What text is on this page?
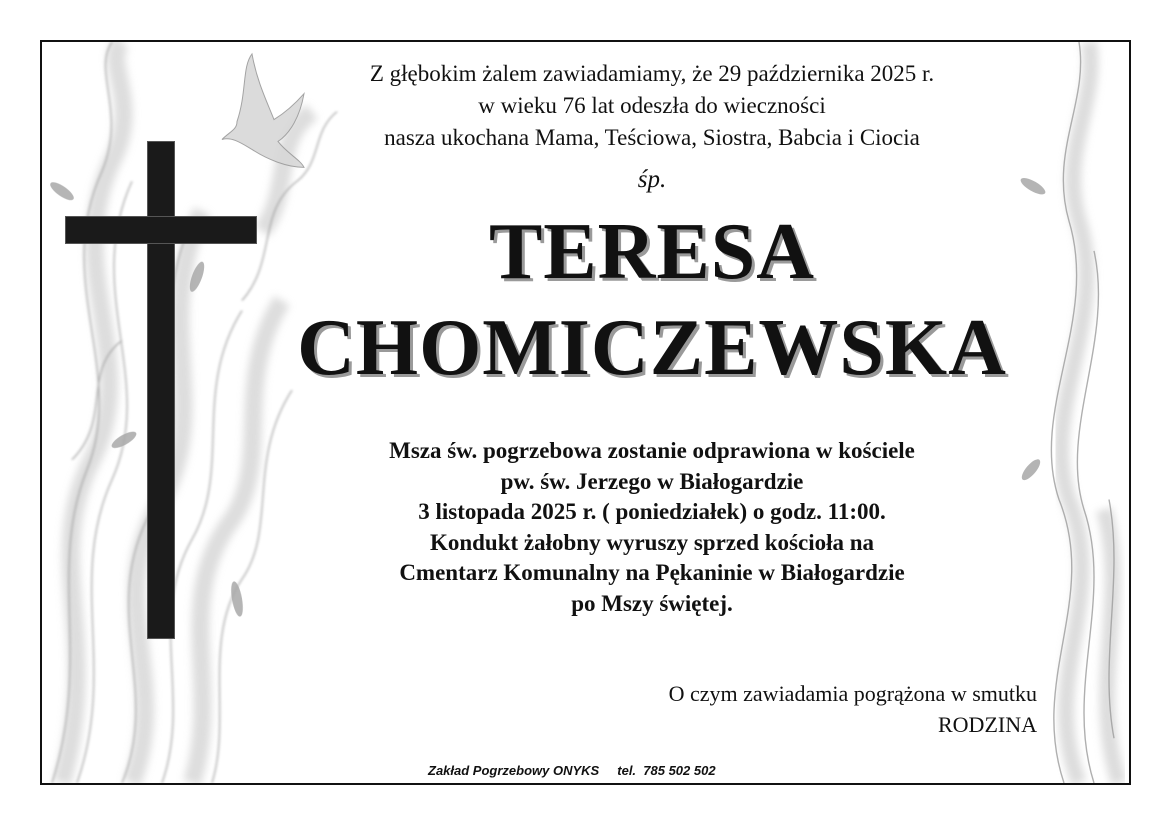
Z głębokim żalem zawiadamiamy, że 29 października 2025 r.
w wieku 76 lat odeszła do wieczności
nasza ukochana Mama, Teściowa, Siostra, Babcia i Ciocia
śp.
TERESA
CHOMICZEWSKA
Msza św. pogrzebowa zostanie odprawiona w kościele
pw. św. Jerzego w Białogardzie
3 listopada 2025 r. ( poniedziałek) o godz. 11:00.
Kondukt żałobny wyruszy sprzed kościoła na
Cmentarz Komunalny na Pękaninie w Białogardzie
po Mszy świętej.
O czym zawiadamia pogrążona w smutku
RODZINA
Zakład Pogrzebowy ONYKS tel.  785 502 502
